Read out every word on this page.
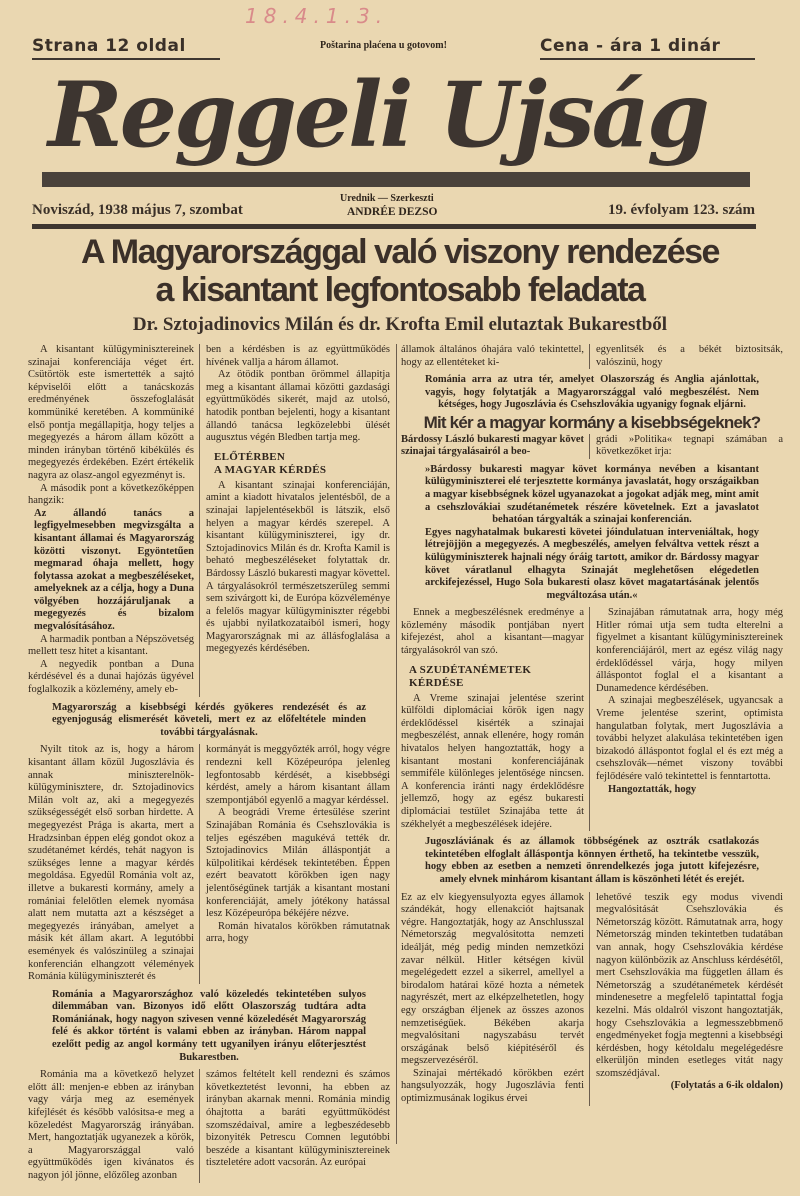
18.4.1.3.
Strana 12 oldal	Poštarina plaćena u gotovom!	Cena - ára 1 dinár
Reggeli Ujság
Noviszád, 1938 május 7, szombat
Urednik — Szerkeszti
ANDRÉE DEZSO	19. évfolyam 123. szám
A Magyarországgal való viszony rendezése
a kisantant legfontosabb feladata
Dr. Sztojadinovics Milán és dr. Krofta Emil elutaztak Bukarestből

A kisantant külügyminisztereinek szinajai konferenciája véget ért. Csütörtök este ismertették a sajtó képviselői előtt a tanácskozás eredményének összefoglalását kommüniké keretében. A kommüniké első pontja megállapitja, hogy teljes a megegyezés a három állam között a minden irányban történő kibékülés és megegyezés érdekében. Ezért értékelik nagyra az olasz-angol egyezményt is.

A második pont a következőképpen hangzik:

Az állandó tanács a legfigyelmesebben megvizsgálta a kisantant államai és Magyarország közötti viszonyt. Egyöntetűen megmarad óhaja mellett, hogy folytassa azokat a megbeszéléseket, amelyeknek az a célja, hogy a Duna völgyében hozzájáruljanak a megegyezés és bizalom megvalósításához.

A harmadik pontban a Népszövetség mellett tesz hitet a kisantant.

A negyedik pontban a Duna kérdésével és a dunai hajózás ügyével foglalkozik a közlemény, amely eb-

ben a kérdésben is az együttműködés hívének vallja a három államot.

Az ötödik pontban örömmel állapitja meg a kisantant államai közötti gazdasági együttműködés sikerét, majd az utolsó, hatodik pontban bejelenti, hogy a kisantant állandó tanácsa legközelebbi ülését augusztus végén Bledben tartja meg.

ELŐTÉRBEN
A MAGYAR KÉRDÉS

A kisantant szinajai konferenciáján, amint a kiadott hivatalos jelentésből, de a szinajai lapjelentésekből is látszik, első helyen a magyar kérdés szerepel. A kisantant külügyminiszterei, igy dr. Sztojadinovics Milán és dr. Krofta Kamil is beható megbeszéléseket folytattak dr. Bárdossy László bukaresti magyar követtel. A tárgyalásokról természetszerüleg semmi sem szivárgott ki, de Európa közvéleménye a felelős magyar külügyminiszter régebbi és ujabbi nyilatkozataiból ismeri, hogy Magyarországnak mi az állásfoglalása a megegyezés kérdésében.

Magyarország a kisebbségi kérdés gyökeres rendezését és az egyenjoguság elismerését követeli, mert ez az előfeltétele minden további tárgyalásnak.

Nyilt titok az is, hogy a három kisantant állam közül Jugoszlávia és annak miniszterelnök-külügyminisztere, dr. Sztojadinovics Milán volt az, aki a megegyezés szükségességét első sorban hirdette. A megegyezést Prága is akarta, mert a Hradzsinban éppen elég gondot okoz a szudétanémet kérdés, tehát nagyon is szükséges lenne a magyar kérdés megoldása. Egyedül Románia volt az, illetve a bukaresti kormány, amely a romániai felelőtlen elemek nyomása alatt nem mutatta azt a készséget a megegyezés irányában, amelyet a másik két állam akart. A legutóbbi események és valószinüleg a szinajai konferencián elhangzott vélemények Románia külügyminiszterét és

kormányát is meggyőzték arról, hogy végre rendezni kell Középeurópa jelenleg legfontosabb kérdését, a kisebbségi kérdést, amely a három kisantant állam szempontjából egyenlő a magyar kérdéssel.

A beográdi Vreme értesülése szerint Szinajában Románia és Csehszlovákia is teljes egészében magukévá tették dr. Sztojadinovics Milán álláspontját a külpolitikai kérdések tekintetében. Éppen ezért beavatott körökben igen nagy jelentőségűnek tartják a kisantant mostani konferenciáját, amely jótékony hatással lesz Középeurópa békéjére nézve.

Román hivatalos körökben rámutatnak arra, hogy

Románia a Magyarországhoz való közeledés tekintetében sulyos dilemmában van. Bizonyos idő előtt Olaszország tudtára adta Romániának, hogy nagyon szivesen venné közeledését Magyarország felé és akkor történt is valami ebben az irányban. Három nappal ezelőtt pedig az angol kormány tett ugyanilyen irányu előterjesztést Bukarestben.

Románia ma a következő helyzet előtt áll: menjen-e ebben az irányban vagy várja meg az események kifejlését és később valósitsa-e meg a közeledést Magyarország irányában. Mert, hangoztatják ugyanezek a körök, a Magyarországgal való együttműködés igen kivánatos és nagyon jól jönne, előzőleg azonban

számos feltételt kell rendezni és számos következtetést levonni, ha ebben az irányban akarnak menni. Románia mindig óhajtotta a baráti együttműködést szomszédaival, amire a legbeszédesebb bizonyiték Petrescu Comnen legutóbbi beszéde a kisantant külügyminisztereinek tiszteletére adott vacsorán. Az európai

államok általános óhajára való tekintettel, hogy az ellentéteket ki-
egyenlitsék és a békét biztositsák, valószinü, hogy
Románia arra az utra tér, amelyet Olaszország és Anglia ajánlottak, vagyis, hogy folytatják a Magyarországgal való megbeszélést. Nem kétséges, hogy Jugoszlávia és Csehszlovákia ugyanigy fognak eljárni.
Mit kér a magyar kormány a kisebbségeknek?
Bárdossy László bukaresti magyar követ szinajai tárgyalásairól a beo-
grádi »Politika« tegnapi számában a következőket irja:

»Bárdossy bukaresti magyar követ kormánya nevében a kisantant külügyminiszterei elé terjesztette kormánya javaslatát, hogy országaikban a magyar kisebbségnek közel ugyanazokat a jogokat adják meg, mint amit a csehszlovákiai szudétanémetek részére követelnek. Ezt a javaslatot behatóan tárgyalták a szinajai konferencián.

Egyes nagyhatalmak bukaresti követei jóindulatuan interveniáltak, hogy létrejöjjön a megegyezés. A megbeszélés, amelyen felváltva vettek részt a külügyminiszterek hajnali négy óráig tartott, amikor dr. Bárdossy magyar követ váratlanul elhagyta Szinaját meglehetősen elégedetlen arckifejezéssel, Hugo Sola bukaresti olasz követ magatartásának jelentős megváltozása után.«

Ennek a megbeszélésnek eredménye a közlemény második pontjában nyert kifejezést, ahol a kisantant—magyar tárgyalásokról van szó.

A SZUDÉTANÉMETEK
KÉRDÉSE

A Vreme szinajai jelentése szerint külföldi diplomáciai körök igen nagy érdeklődéssel kisérték a szinajai megbeszélést, annak ellenére, hogy román hivatalos helyen hangoztatták, hogy a kisantant mostani konferenciájának semmiféle különleges jelentősége nincsen. A konferencia iránti nagy érdeklődésre jellemző, hogy az egész bukaresti diplomáciai testület Szinajába tette át székhelyét a megbeszélések idejére.

Szinajában rámutatnak arra, hogy még Hitler római utja sem tudta elterelni a figyelmet a kisantant külügyminisztereinek konferenciájáról, mert az egész világ nagy érdeklődéssel várja, hogy milyen álláspontot foglal el a kisantant a Dunamedence kérdésében.

A szinajai megbeszélések, ugyancsak a Vreme jelentése szerint, optimista hangulatban folytak, mert Jugoszlávia a további helyzet alakulása tekintetében igen bizakodó álláspontot foglal el és ezt még a csehszlovák—német viszony további fejlődésére való tekintettel is fenntartotta.

Hangoztatták, hogy

Jugoszláviának és az államok többségének az osztrák csatlakozás tekintetében elfoglalt álláspontja könnyen érthető, ha tekintetbe vesszük, hogy ebben az esetben a nemzeti önrendelkezés joga jutott kifejezésre, amely elvnek minhárom kisantant állam is köszönheti létét és erejét.

Ez az elv kiegyensulyozta egyes államok szándékát, hogy ellenakciót hajtsanak végre. Hangoztatják, hogy az Anschlusszal Németország megvalósitotta nemzeti ideálját, még pedig minden nemzetközi zavar nélkül. Hitler kétségen kivül megelégedett ezzel a sikerrel, amellyel a birodalom határai közé hozta a németek nagyrészét, mert az elképzelhetetlen, hogy egy országban éljenek az összes azonos nemzetiségűek. Békében akarja megvalósitani nagyszabásu tervét országának belső kiépitéséről és megszervezéséről.

Szinajai mértékadó körökben ezért hangsulyozzák, hogy Jugoszlávia fenti optimizmusának logikus érvei

lehetővé teszik egy modus vivendi megvalósitását Csehszlovákia és Németország között. Rámutatnak arra, hogy Németország minden tekintetben tudatában van annak, hogy Csehszlovákia kérdése nagyon különbözik az Anschluss kérdésétől, mert Csehszlovákia ma független állam és Németország a szudétanémetek kérdését mindenesetre a megfelelő tapintattal fogja kezelni. Más oldalról viszont hangoztatják, hogy Csehszlovákia a legmesszebbmenő engedményeket fogja megtenni a kisebbségi kérdésben, hogy kétoldalu megelégedésre elkerüljön minden esetleges vitát nagy szomszédjával.

(Folytatás a 6-ik oldalon)
